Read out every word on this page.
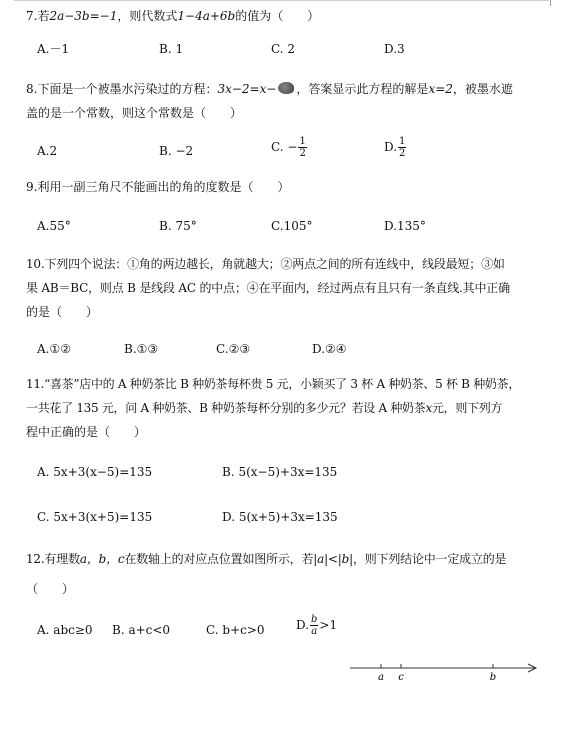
7.若2a−3b=−1，则代数式1−4a+6b的值为（　　）
A.－1	B. 1	C. 2	D.3
8.下面是一个被墨水污染过的方程：3x−2=x− ，答案显示此方程的解是x=2，被墨水遮
盖的是一个常数，则这个常数是（　　）
A.2	B. −2	C. − $\frac{1}{2}$	D. $\frac{1}{2}$
9.利用一副三角尺不能画出的角的度数是（　　）
A.55°	B. 75°	C.105°	D.135°
10.下列四个说法：①角的两边越长，角就越大；②两点之间的所有连线中，线段最短；③如
果 AB＝BC，则点 B 是线段 AC 的中点；④在平面内，经过两点有且只有一条直线.其中正确
的是（　　）
A.①②	B.①③	C.②③	D.②④
11.“喜茶”店中的 A 种奶茶比 B 种奶茶每杯贵 5 元，小颖买了 3 杯 A 种奶茶、5 杯 B 种奶茶，
一共花了 135 元，问 A 种奶茶、B 种奶茶每杯分别的多少元？若设 A 种奶茶x元，则下列方
程中正确的是（　　）
A. 5x+3(x−5)=135	B. 5(x−5)+3x=135
C. 5x+3(x+5)=135	D. 5(x+5)+3x=135
12.有理数a，b，c在数轴上的对应点位置如图所示，若|a|<|b|，则下列结论中一定成立的是
（　　）
A. abc≥0 B. a+c<0	C. b+c>0	D. $\frac{b}{a} >1$
a c	b
